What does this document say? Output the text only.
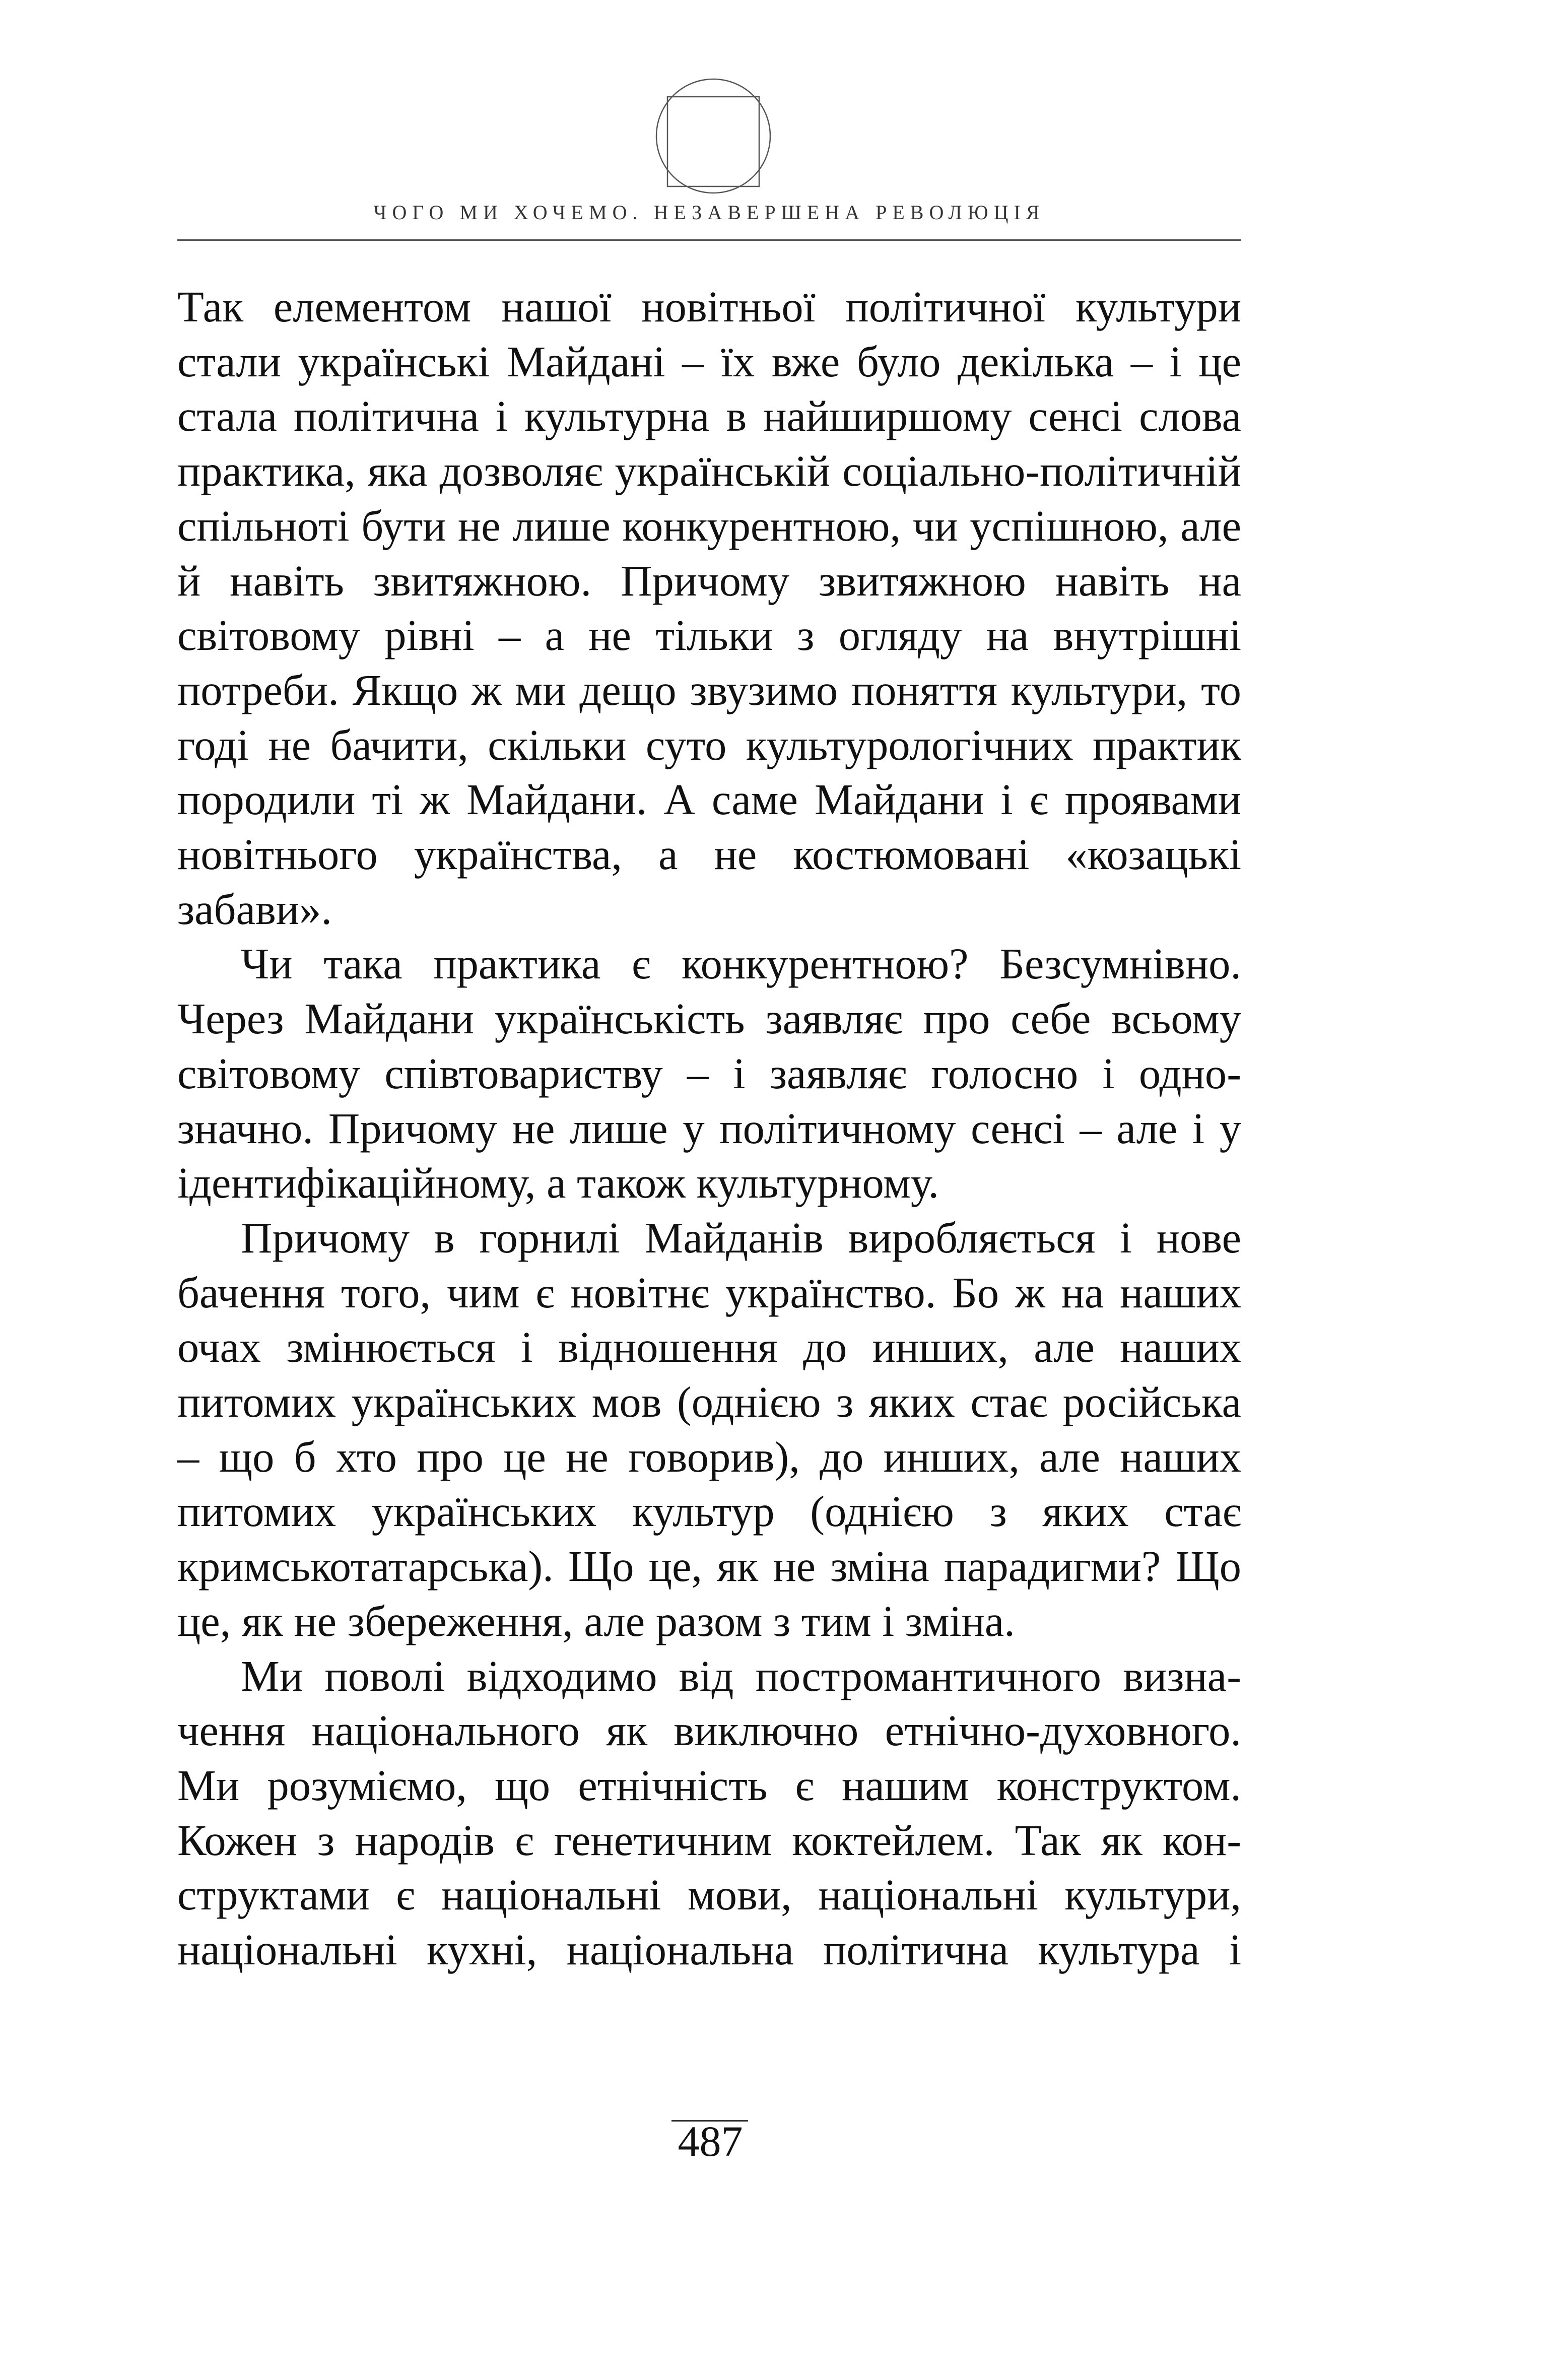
ЧОГО МИ ХОЧЕМО. НЕЗАВЕРШЕНА РЕВОЛЮЦІЯ

Так елементом нашої новітньої політичної культури стали українські Майдані – їх вже було декілька – і це стала політична і культурна в найширшому сенсі слова практика, яка дозволяє українській соціально-політичній спільноті бути не лише конкурентною, чи успішною, але й навіть звитяжною. Причому звитяжною навіть на світовому рівні – а не тільки з огляду на внутрішні потреби. Якщо ж ми дещо звузимо поняття культури, то годі не бачити, скільки суто культурологічних практик породили ті ж Майдани. А саме Майдани і є проявами новітнього українства, а не костюмовані «козацькі забави».

Чи така практика є конкурентною? Безсумнівно. Через Майдани українськість заявляє про себе всьому світовому співтовариству – і заявляє голосно і однозначно. Причому не лише у політичному сенсі – але і у ідентифікаційному, а також культурному.

Причому в горнилі Майданів виробляється і нове бачення того, чим є новітнє українство. Бо ж на наших очах змінюється і відношення до инших, але наших питомих українських мов (однією з яких стає російська – що б хто про це не говорив), до инших, але наших питомих українських культур (однією з яких стає кримськотатарська). Що це, як не зміна парадигми? Що це, як не збереження, але разом з тим і зміна.

Ми поволі відходимо від постромантичного визначення національного як виключно етнічно-духовного. Ми розуміємо, що етнічність є нашим конструктом. Кожен з народів є генетичним коктейлем. Так як конструктами є національні мови, національні культури, національні кухні, національна політична культура і

487
